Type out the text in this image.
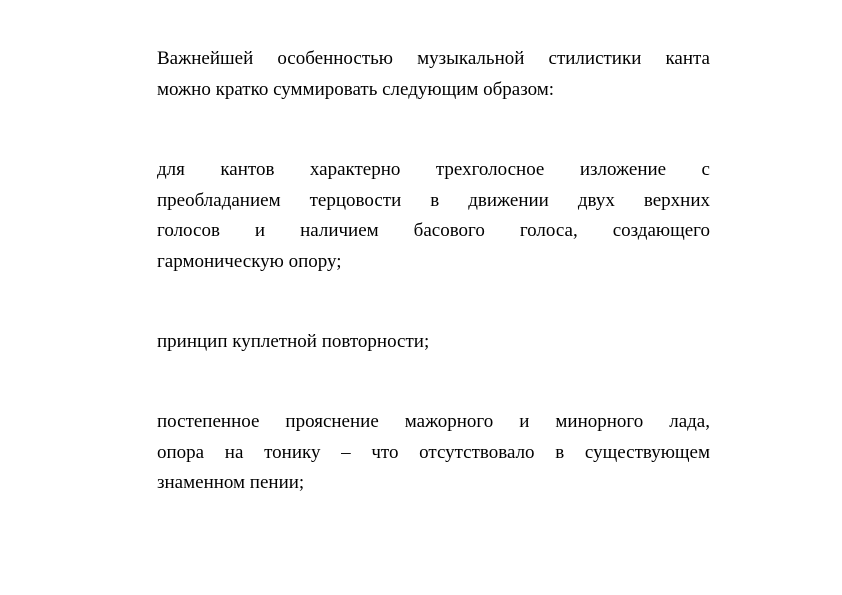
Важнейшей особенностью музыкальной стилистики канта
можно кратко суммировать следующим образом:

для кантов характерно трехголосное изложение с
преобладанием терцовости в движении двух верхних
голосов и наличием басового голоса, создающего
гармоническую опору;

принцип куплетной повторности;

постепенное прояснение мажорного и минорного лада,
опора на тонику – что отсутствовало в существующем
знаменном пении;
